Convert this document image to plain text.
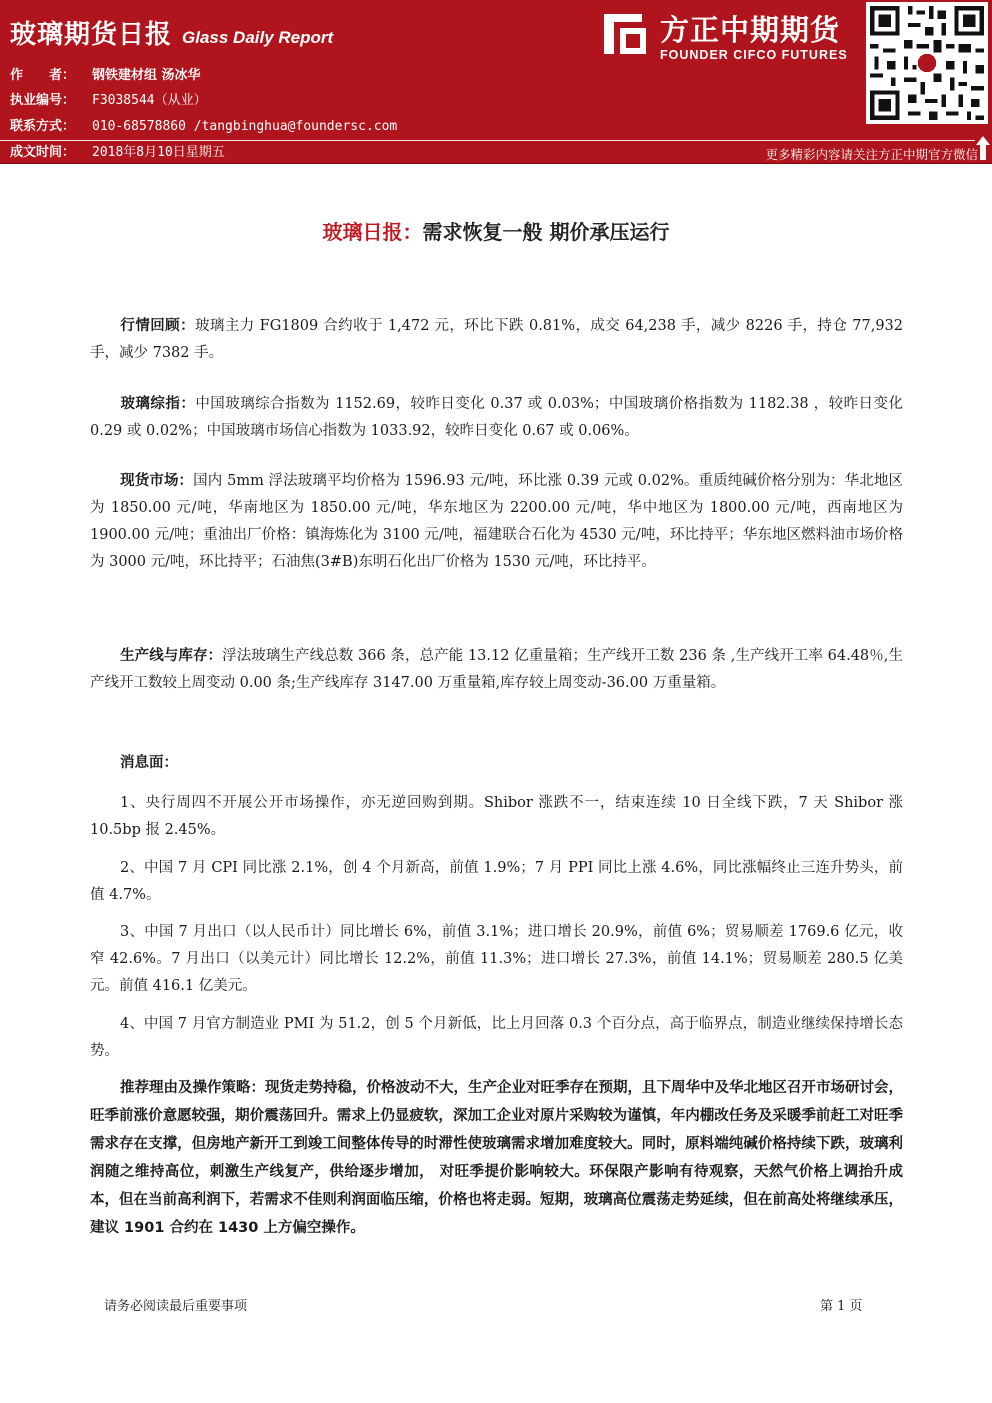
玻璃期货日报 Glass Daily Report
作　　者： 钢铁建材组 汤冰华
执业编号： F3038544（从业）
联系方式： 010-68578860 /tangbinghua@foundersc.com
成文时间： 2018年8月10日星期五
方正中期期货
FOUNDER CIFCO FUTURES
更多精彩内容请关注方正中期官方微信
玻璃日报：需求恢复一般 期价承压运行
行情回顾：玻璃主力 FG1809 合约收于 1,472 元，环比下跌 0.81%，成交 64,238 手，减少 8226 手，持仓 77,932 手，减少 7382 手。
玻璃综指：中国玻璃综合指数为 1152.69，较昨日变化 0.37 或 0.03%；中国玻璃价格指数为 1182.38 ，较昨日变化 0.29 或 0.02%；中国玻璃市场信心指数为 1033.92，较昨日变化 0.67 或 0.06%。
现货市场：国内 5mm 浮法玻璃平均价格为 1596.93 元/吨，环比涨 0.39 元或 0.02%。重质纯碱价格分别为：华北地区为 1850.00 元/吨，华南地区为 1850.00 元/吨，华东地区为 2200.00 元/吨，华中地区为 1800.00 元/吨，西南地区为 1900.00 元/吨；重油出厂价格：镇海炼化为 3100 元/吨，福建联合石化为 4530 元/吨，环比持平；华东地区燃料油市场价格为 3000 元/吨，环比持平；石油焦(3#B)东明石化出厂价格为 1530 元/吨，环比持平。
生产线与库存：浮法玻璃生产线总数 366 条，总产能 13.12 亿重量箱；生产线开工数 236 条 ,生产线开工率 64.48％,生产线开工数较上周变动 0.00 条;生产线库存 3147.00 万重量箱,库存较上周变动-36.00 万重量箱。
消息面：
1、央行周四不开展公开市场操作，亦无逆回购到期。Shibor 涨跌不一，结束连续 10 日全线下跌，7 天 Shibor 涨 10.5bp 报 2.45%。
2、中国 7 月 CPI 同比涨 2.1%，创 4 个月新高，前值 1.9%；7 月 PPI 同比上涨 4.6%，同比涨幅终止三连升势头，前值 4.7%。
3、中国 7 月出口（以人民币计）同比增长 6%，前值 3.1%；进口增长 20.9%，前值 6%；贸易顺差 1769.6 亿元，收窄 42.6%。7 月出口（以美元计）同比增长 12.2%，前值 11.3%；进口增长 27.3%，前值 14.1%；贸易顺差 280.5 亿美元。前值 416.1 亿美元。
4、中国 7 月官方制造业 PMI 为 51.2，创 5 个月新低，比上月回落 0.3 个百分点，高于临界点，制造业继续保持增长态势。
推荐理由及操作策略：现货走势持稳，价格波动不大，生产企业对旺季存在预期，且下周华中及华北地区召开市场研讨会，旺季前涨价意愿较强，期价震荡回升。需求上仍显疲软，深加工企业对原片采购较为谨慎，年内棚改任务及采暖季前赶工对旺季需求存在支撑，但房地产新开工到竣工间整体传导的时滞性使玻璃需求增加难度较大。同时，原料端纯碱价格持续下跌，玻璃利润随之维持高位，刺激生产线复产，供给逐步增加， 对旺季提价影响较大。环保限产影响有待观察，天然气价格上调抬升成本，但在当前高利润下，若需求不佳则利润面临压缩，价格也将走弱。短期，玻璃高位震荡走势延续，但在前高处将继续承压，建议 1901 合约在 1430 上方偏空操作。
请务必阅读最后重要事项	第 1 页
